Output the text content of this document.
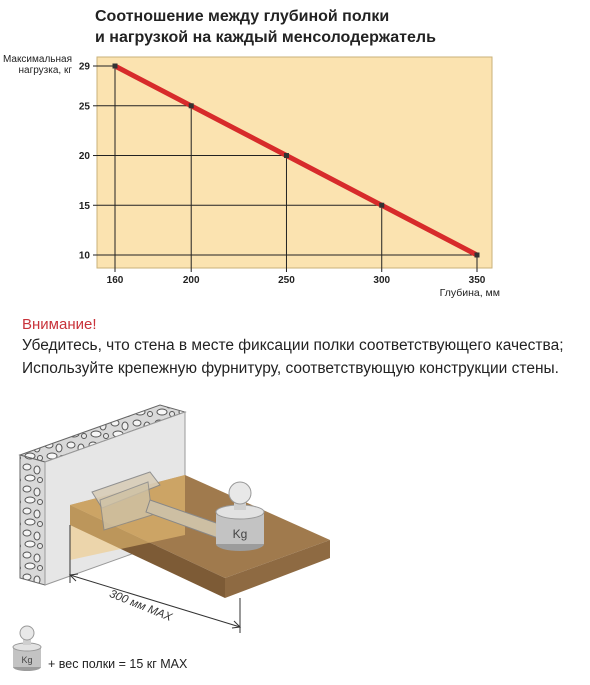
Соотношение между глубиной полки
и нагрузкой на каждый менсолодержатель
Максимальная
нагрузка, кг
160	200	250	300	350
29
25
20
15
10
Глубина, мм
Внимание!
Убедитесь, что стена в месте фиксации полки соответствующего качества;
Используйте крепежную фурнитуру, соответствующую конструкции стены.
Kg
300 мм MAX
Kg + вес полки = 15 кг MAX
